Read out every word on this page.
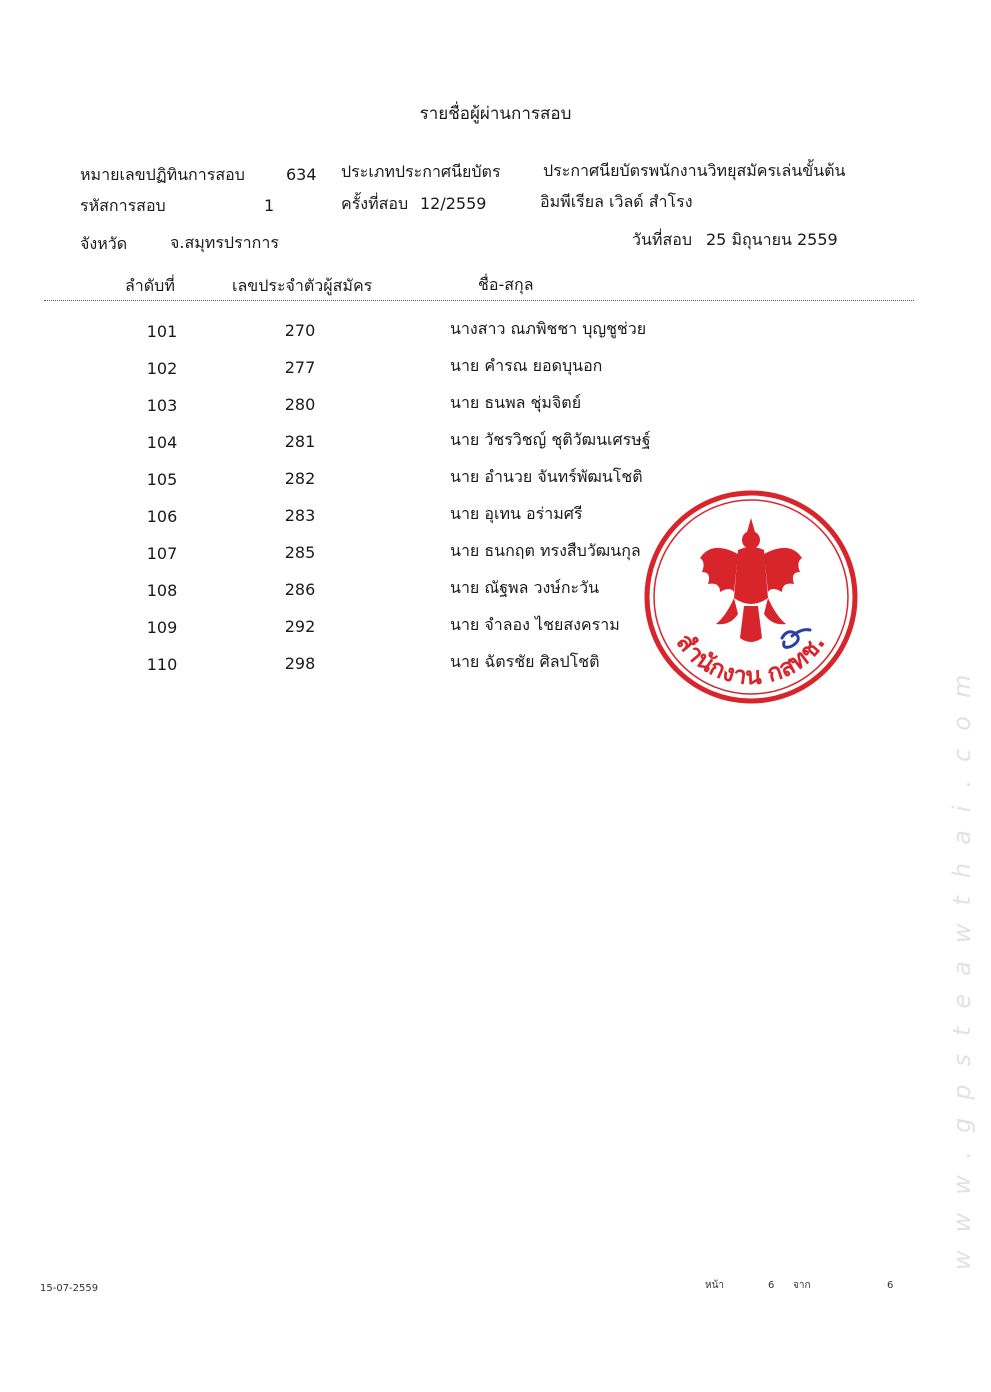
รายชื่อผู้ผ่านการสอบ
หมายเลขปฏิทินการสอบ	634 ประเภทประกาศนียบัตร	ประกาศนียบัตรพนักงานวิทยุสมัครเล่นขั้นต้น
รหัสการสอบ	1	ครั้งที่สอบ 12/2559	อิมพีเรียล เวิลด์ สำโรง
จังหวัด	จ.สมุทรปราการ	วันที่สอบ 25 มิถุนายน 2559
ลำดับที่	เลขประจำตัวผู้สมัคร	ชื่อ-สกุล
101	270	นางสาว ณภพิชชา บุญชูช่วย
102	277	นาย คำรณ ยอดบุนอก
103	280	นาย ธนพล ชุ่มจิตย์
104	281	นาย วัชรวิชญ์ ชุติวัฒนเศรษฐ์
105	282	นาย อำนวย จันทร์พัฒนโชติ
106	283	นาย อุเทน อร่ามศรี
107	285	นาย ธนกฤต ทรงสืบวัฒนกุล
108	286	นาย ณัฐพล วงษ์กะวัน
109	292	นาย จำลอง ไชยสงคราม
110	298	นาย ฉัตรชัย ศิลปโชติ	สำนักงาน กสทช.
www.gpsteawthai.com
15-07-2559	หน้า	6 จาก	6
